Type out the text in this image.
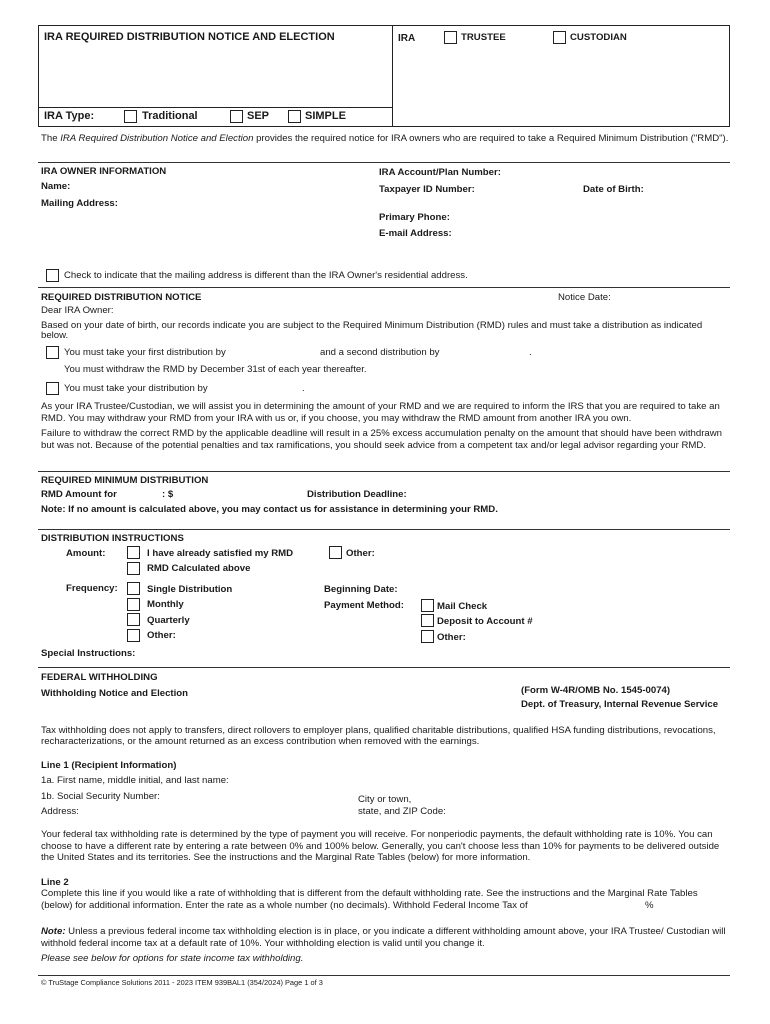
IRA REQUIRED DISTRIBUTION NOTICE AND ELECTION	IRA	TRUSTEE	CUSTODIAN
IRA Type:	Traditional	SEP	SIMPLE
The IRA Required Distribution Notice and Election provides the required notice for IRA owners who are required to take a Required Minimum Distribution ("RMD").
IRA OWNER INFORMATION
Name:
Mailing Address:
IRA Account/Plan Number:
Taxpayer ID Number:	Date of Birth:
Primary Phone:
E-mail Address:
Check to indicate that the mailing address is different than the IRA Owner's residential address.
REQUIRED DISTRIBUTION NOTICE	Notice Date:
Dear IRA Owner:
Based on your date of birth, our records indicate you are subject to the Required Minimum Distribution (RMD) rules and must take a distribution as indicated below.
You must take your first distribution by	and a second distribution by	.
You must withdraw the RMD by December 31st of each year thereafter.
You must take your distribution by	.
As your IRA Trustee/Custodian, we will assist you in determining the amount of your RMD and we are required to inform the IRS that you are required to take an RMD. You may withdraw your RMD from your IRA with us or, if you choose, you may withdraw the RMD amount from another IRA you own.
Failure to withdraw the correct RMD by the applicable deadline will result in a 25% excess accumulation penalty on the amount that should have been withdrawn but was not. Because of the potential penalties and tax ramifications, you should seek advice from a competent tax and/or legal advisor regarding your RMD.
REQUIRED MINIMUM DISTRIBUTION
RMD Amount for	: $	Distribution Deadline:
Note: If no amount is calculated above, you may contact us for assistance in determining your RMD.
DISTRIBUTION INSTRUCTIONS
Amount:	I have already satisfied my RMD
RMD Calculated above
Other:
Frequency:	Single Distribution
Monthly
Quarterly
Other:
Beginning Date:
Payment Method:	Mail Check
Deposit to Account #
Other:
Special Instructions:
FEDERAL WITHHOLDING
Withholding Notice and Election	(Form W-4R/OMB No. 1545-0074)
Dept. of Treasury, Internal Revenue Service
Tax withholding does not apply to transfers, direct rollovers to employer plans, qualified charitable distributions, qualified HSA funding distributions, revocations, recharacterizations, or the amount returned as an excess contribution when removed with the earnings.
Line 1 (Recipient Information)
1a. First name, middle initial, and last name:
1b. Social Security Number:
Address:
City or town,
state, and ZIP Code:
Your federal tax withholding rate is determined by the type of payment you will receive. For nonperiodic payments, the default withholding rate is 10%. You can choose to have a different rate by entering a rate between 0% and 100% below. Generally, you can't choose less than 10% for payments to be delivered outside the United States and its territories. See the instructions and the Marginal Rate Tables (below) for more information.
Line 2
Complete this line if you would like a rate of withholding that is different from the default withholding rate. See the instructions and the Marginal Rate Tables (below) for additional information. Enter the rate as a whole number (no decimals). Withhold Federal Income Tax of	%
Note: Unless a previous federal income tax withholding election is in place, or you indicate a different withholding amount above, your IRA Trustee/ Custodian will withhold federal income tax at a default rate of 10%. Your withholding election is valid until you change it.
Please see below for options for state income tax withholding.
© TruStage Compliance Solutions 2011 - 2023 ITEM 939BAL1 (354/2024) Page 1 of 3
